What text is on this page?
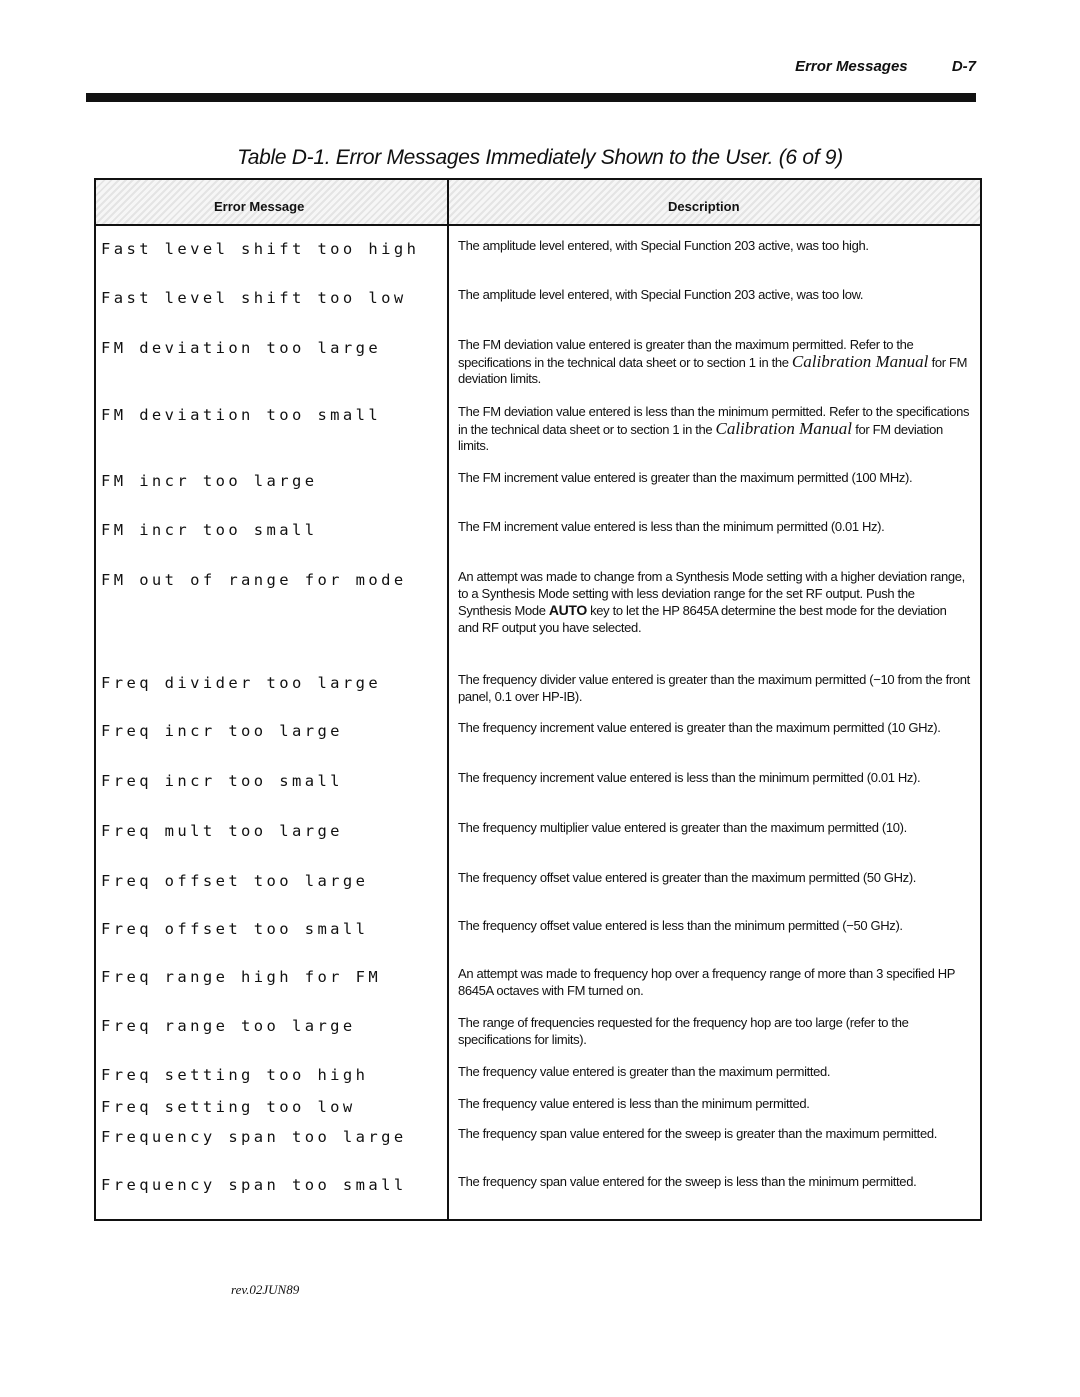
Error Messages	D-7
Table D-1. Error Messages Immediately Shown to the User. (6 of 9)
Error Message	Description
Fast level shift too high	The amplitude level entered, with Special Function 203 active, was too high.
Fast level shift too low	The amplitude level entered, with Special Function 203 active, was too low.
FM deviation too large	The FM deviation value entered is greater than the maximum permitted. Refer to the specifications in the technical data sheet or to section 1 in the Calibration Manual for FM deviation limits.
FM deviation too small	The FM deviation value entered is less than the minimum permitted. Refer to the specifications in the technical data sheet or to section 1 in the Calibration Manual for FM deviation limits.
FM incr too large	The FM increment value entered is greater than the maximum permitted (100 MHz).
FM incr too small	The FM increment value entered is less than the minimum permitted (0.01 Hz).
FM out of range for mode	An attempt was made to change from a Synthesis Mode setting with a higher deviation range, to a Synthesis Mode setting with less deviation range for the set RF output. Push the Synthesis Mode AUTO key to let the HP 8645A determine the best mode for the deviation and RF output you have selected.
Freq divider too large	The frequency divider value entered is greater than the maximum permitted (−10 from the front panel, 0.1 over HP-IB).
Freq incr too large	The frequency increment value entered is greater than the maximum permitted (10 GHz).
Freq incr too small	The frequency increment value entered is less than the minimum permitted (0.01 Hz).
Freq mult too large	The frequency multiplier value entered is greater than the maximum permitted (10).
Freq offset too large	The frequency offset value entered is greater than the maximum permitted (50 GHz).
Freq offset too small	The frequency offset value entered is less than the minimum permitted (−50 GHz).
Freq range high for FM	An attempt was made to frequency hop over a frequency range of more than 3 specified HP 8645A octaves with FM turned on.
Freq range too large	The range of frequencies requested for the frequency hop are too large (refer to the specifications for limits).
Freq setting too high	The frequency value entered is greater than the maximum permitted.
Freq setting too low	The frequency value entered is less than the minimum permitted.
Frequency span too large	The frequency span value entered for the sweep is greater than the maximum permitted.
Frequency span too small	The frequency span value entered for the sweep is less than the minimum permitted.
rev.02JUN89
